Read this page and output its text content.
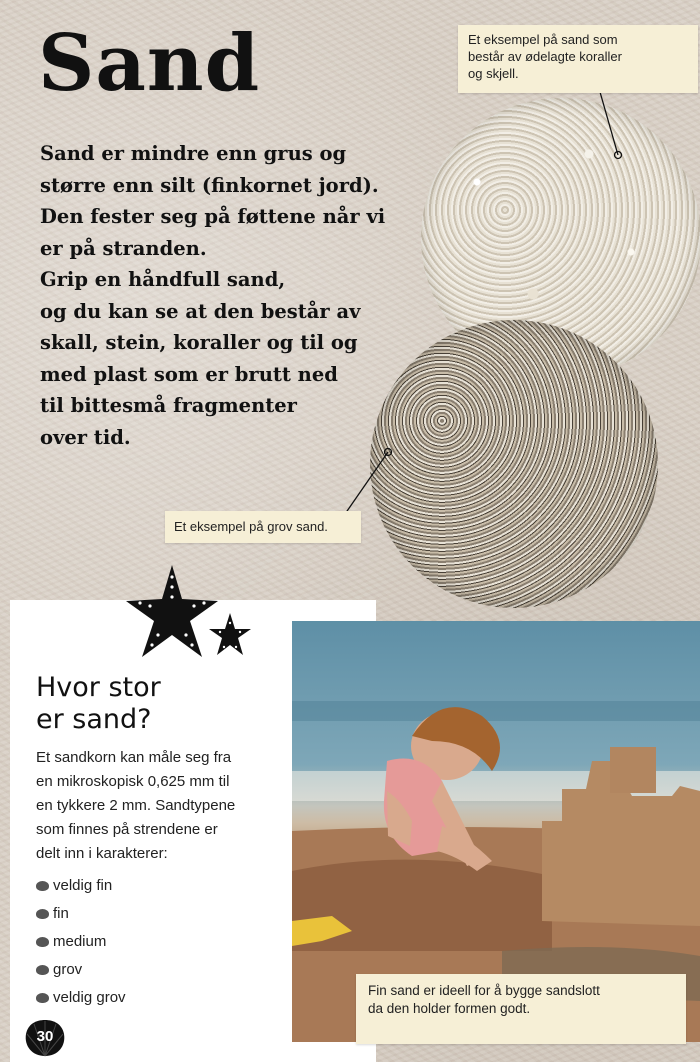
Sand
Sand er mindre enn grus og
større enn silt (finkornet jord).
Den fester seg på føttene når vi
er på stranden.
Grip en håndfull sand,
og du kan se at den består av
skall, stein, koraller og til og
med plast som er brutt ned
til bittesmå fragmenter
over tid.
Et eksempel på sand som
består av ødelagte koraller
og skjell.
Et eksempel på grov sand.
Hvor stor
er sand?
Et sandkorn kan måle seg fra
en mikroskopisk 0,625 mm til
en tykkere 2 mm. Sandtypene
som finnes på strendene er
delt inn i karakterer:
veldig fin
fin
medium
grov
veldig grov
30
Fin sand er ideell for å bygge sandslott
da den holder formen godt.
